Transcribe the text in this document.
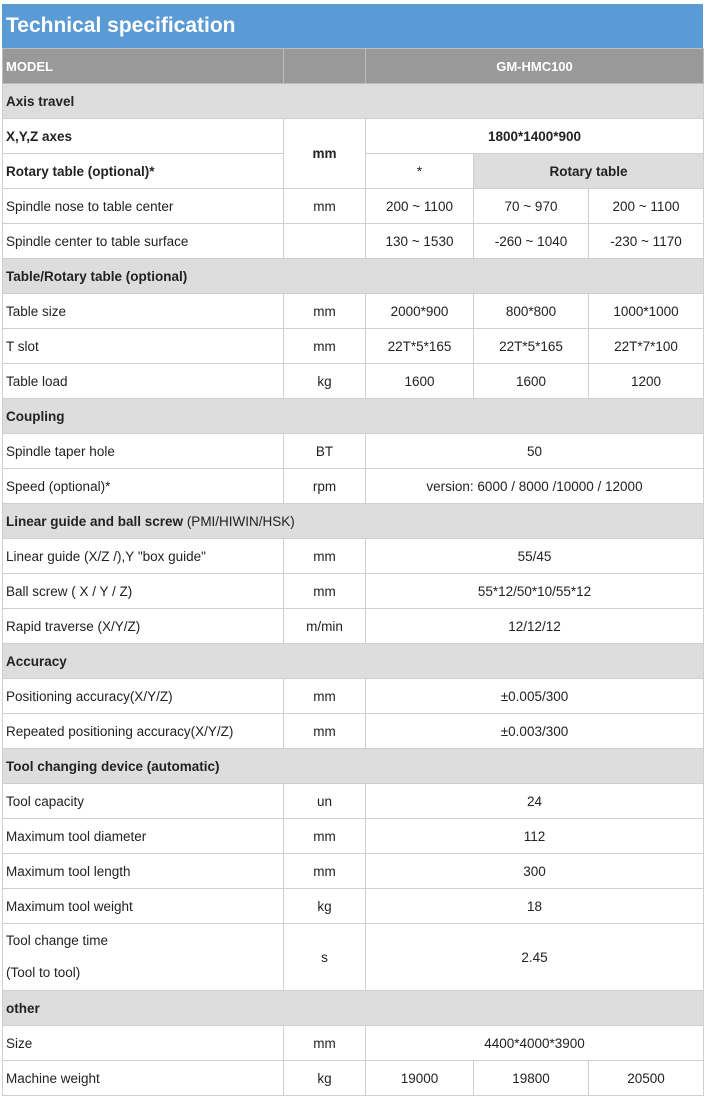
Technical specification
MODEL		GM-HMC100		
Axis travel				
X,Y,Z axes	mm	1800*1400*900		
Rotary table (optional)*		*	Rotary table	
Spindle nose to table center	mm	200 ~ 1100	70 ~ 970	200 ~ 1100
Spindle center to table surface		130 ~ 1530	-260 ~ 1040	-230 ~ 1170
Table/Rotary table (optional)				
Table size	mm	2000*900	800*800	1000*1000
T slot	mm	22T*5*165	22T*5*165	22T*7*100
Table load	kg	1600	1600	1200
Coupling				
Spindle taper hole	BT	50		
Speed (optional)*	rpm	version: 6000 / 8000 /10000 / 12000		
Linear guide and ball screw (PMI/HIWIN/HSK)				
Linear guide (X/Z /),Y "box guide"	mm	55/45		
Ball screw ( X / Y / Z)	mm	55*12/50*10/55*12		
Rapid traverse (X/Y/Z)	m/min	12/12/12		
Accuracy				
Positioning accuracy(X/Y/Z)	mm	±0.005/300		
Repeated positioning accuracy(X/Y/Z)	mm	±0.003/300		
Tool changing device (automatic)				
Tool capacity	un	24		
Maximum tool diameter	mm	112		
Maximum tool length	mm	300		
Maximum tool weight	kg	18		
Tool change time
(Tool to tool)	s	2.45		
other				
Size	mm	4400*4000*3900		
Machine weight	kg	19000	19800	20500
